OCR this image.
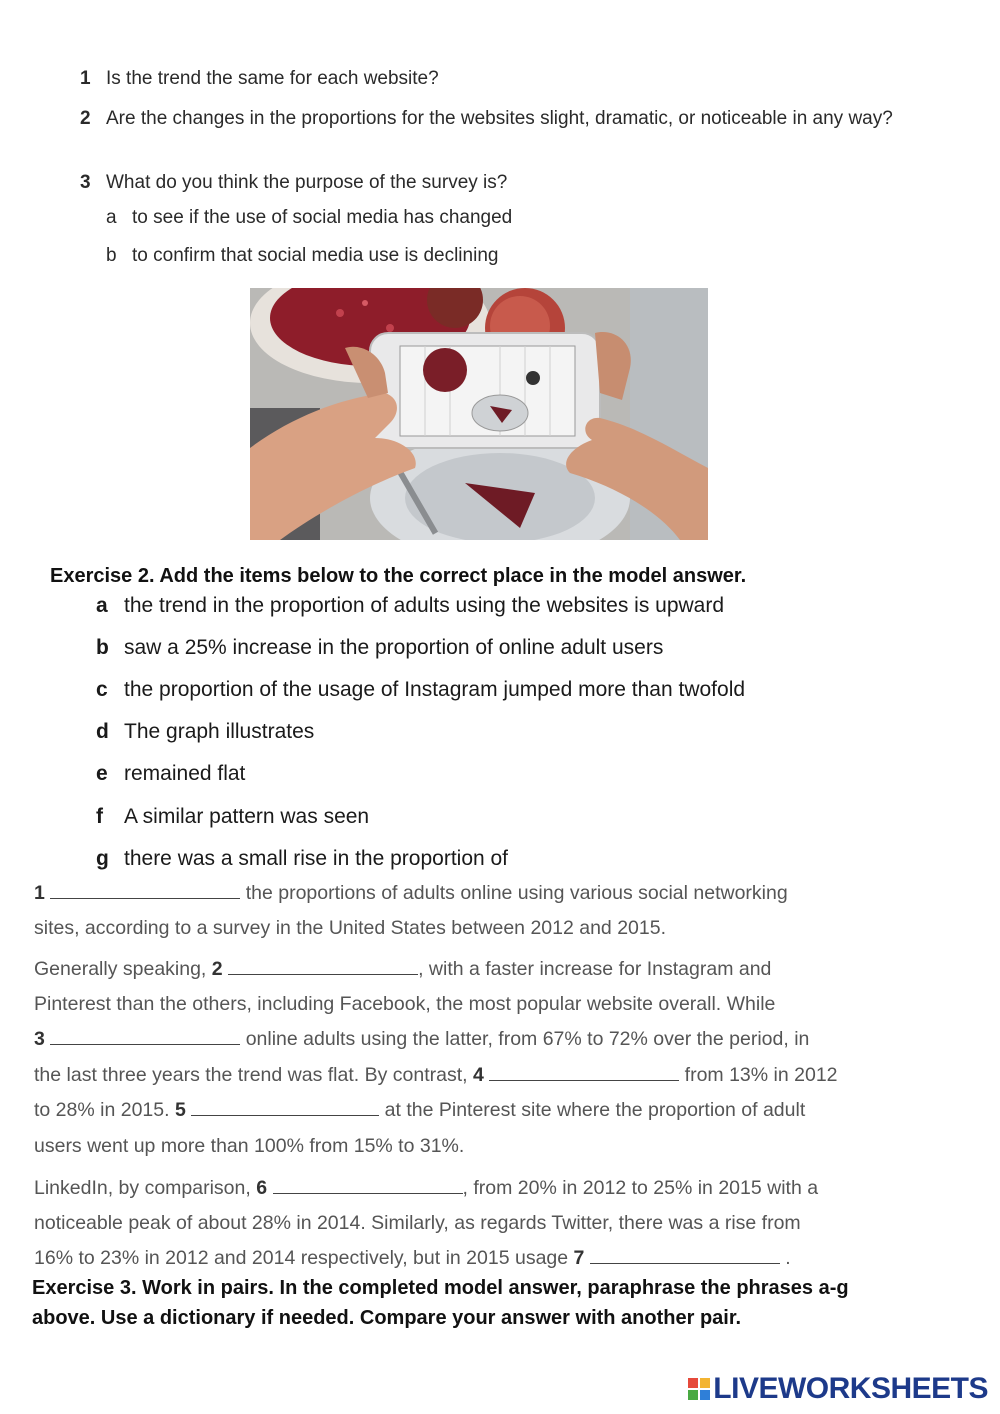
1 Is the trend the same for each website?
2 Are the changes in the proportions for the websites slight, dramatic, or noticeable in any way?
3 What do you think the purpose of the survey is?
a to see if the use of social media has changed
b to confirm that social media use is declining
Exercise 2. Add the items below to the correct place in the model answer.
a the trend in the proportion of adults using the websites is upward
b saw a 25% increase in the proportion of online adult users
c the proportion of the usage of Instagram jumped more than twofold
d The graph illustrates
e remained flat
f A similar pattern was seen
g there was a small rise in the proportion of
1	the proportions of adults online using various social networking
sites, according to a survey in the United States between 2012 and 2015.
Generally speaking, 2	, with a faster increase for Instagram and
Pinterest than the others, including Facebook, the most popular website overall. While
3	online adults using the latter, from 67% to 72% over the period, in
the last three years the trend was flat. By contrast, 4	from 13% in 2012
to 28% in 2015. 5	at the Pinterest site where the proportion of adult
users went up more than 100% from 15% to 31%.
LinkedIn, by comparison, 6	, from 20% in 2012 to 25% in 2015 with a
noticeable peak of about 28% in 2014. Similarly, as regards Twitter, there was a rise from
16% to 23% in 2012 and 2014 respectively, but in 2015 usage 7	.
Exercise 3. Work in pairs. In the completed model answer, paraphrase the phrases a-g
above. Use a dictionary if needed. Compare your answer with another pair.
LIVEWORKSHEETS
